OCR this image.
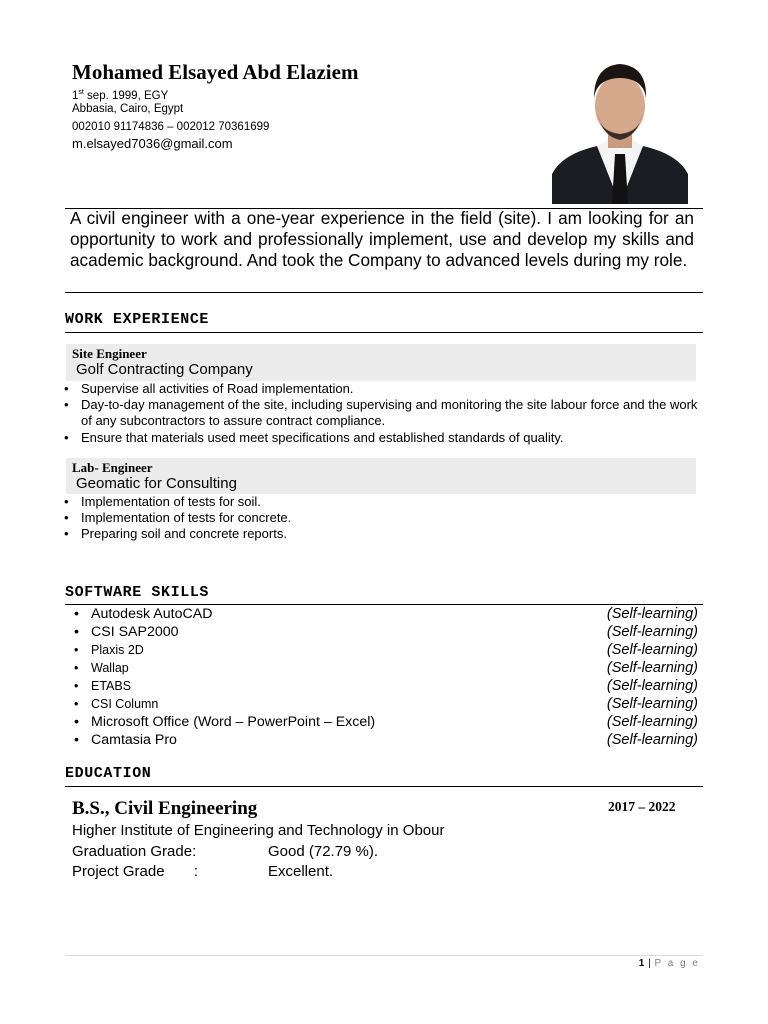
Mohamed Elsayed Abd Elaziem
1st sep. 1999, EGY
Abbasia, Cairo, Egypt
002010 91174836 – 002012 70361699
m.elsayed7036@gmail.com
A civil engineer with a one-year experience in the field (site). I am looking for an opportunity to work and professionally implement, use and develop my skills and academic background. And took the Company to advanced levels during my role.
WORK EXPERIENCE
Site Engineer
Golf Contracting Company
• Supervise all activities of Road implementation.
• Day-to-day management of the site, including supervising and monitoring the site labour force and the work of any subcontractors to assure contract compliance.
• Ensure that materials used meet specifications and established standards of quality.
Lab- Engineer
Geomatic for Consulting
• Implementation of tests for soil.
• Implementation of tests for concrete.
• Preparing soil and concrete reports.
SOFTWARE SKILLS
• Autodesk AutoCAD	(Self-learning)
• CSI SAP2000	(Self-learning)
• Plaxis 2D	(Self-learning)
• Wallap	(Self-learning)
• ETABS	(Self-learning)
• CSI Column	(Self-learning)
• Microsoft Office (Word – PowerPoint – Excel)	(Self-learning)
• Camtasia Pro	(Self-learning)
EDUCATION
B.S., Civil Engineering	2017 – 2022
Higher Institute of Engineering and Technology in Obour
Graduation Grade:	Good (72.79 %).
Project Grade       :	Excellent.
1 | P a g e
